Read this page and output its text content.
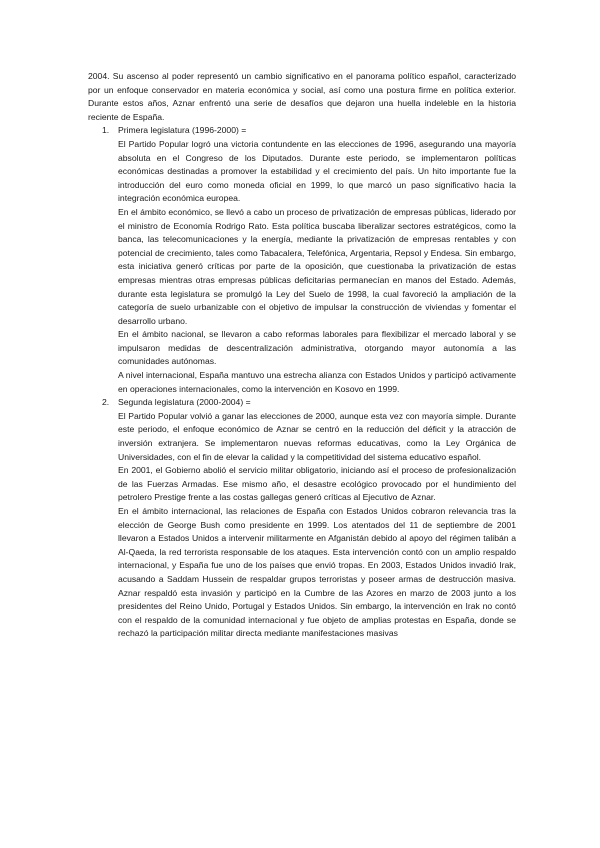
2004. Su ascenso al poder representó un cambio significativo en el panorama político español, caracterizado por un enfoque conservador en materia económica y social, así como una postura firme en política exterior. Durante estos años, Aznar enfrentó una serie de desafíos que dejaron una huella indeleble en la historia reciente de España.

1. Primera legislatura (1996-2000) =

El Partido Popular logró una victoria contundente en las elecciones de 1996, asegurando una mayoría absoluta en el Congreso de los Diputados. Durante este periodo, se implementaron políticas económicas destinadas a promover la estabilidad y el crecimiento del país. Un hito importante fue la introducción del euro como moneda oficial en 1999, lo que marcó un paso significativo hacia la integración económica europea.

En el ámbito económico, se llevó a cabo un proceso de privatización de empresas públicas, liderado por el ministro de Economía Rodrigo Rato. Esta política buscaba liberalizar sectores estratégicos, como la banca, las telecomunicaciones y la energía, mediante la privatización de empresas rentables y con potencial de crecimiento, tales como Tabacalera, Telefónica, Argentaria, Repsol y Endesa. Sin embargo, esta iniciativa generó críticas por parte de la oposición, que cuestionaba la privatización de estas empresas mientras otras empresas públicas deficitarias permanecían en manos del Estado. Además, durante esta legislatura se promulgó la Ley del Suelo de 1998, la cual favoreció la ampliación de la categoría de suelo urbanizable con el objetivo de impulsar la construcción de viviendas y fomentar el desarrollo urbano.

En el ámbito nacional, se llevaron a cabo reformas laborales para flexibilizar el mercado laboral y se impulsaron medidas de descentralización administrativa, otorgando mayor autonomía a las comunidades autónomas.

A nivel internacional, España mantuvo una estrecha alianza con Estados Unidos y participó activamente en operaciones internacionales, como la intervención en Kosovo en 1999.

2. Segunda legislatura (2000-2004) =

El Partido Popular volvió a ganar las elecciones de 2000, aunque esta vez con mayoría simple. Durante este periodo, el enfoque económico de Aznar se centró en la reducción del déficit y la atracción de inversión extranjera. Se implementaron nuevas reformas educativas, como la Ley Orgánica de Universidades, con el fin de elevar la calidad y la competitividad del sistema educativo español.

En 2001, el Gobierno abolió el servicio militar obligatorio, iniciando así el proceso de profesionalización de las Fuerzas Armadas. Ese mismo año, el desastre ecológico provocado por el hundimiento del petrolero Prestige frente a las costas gallegas generó críticas al Ejecutivo de Aznar.

En el ámbito internacional, las relaciones de España con Estados Unidos cobraron relevancia tras la elección de George Bush como presidente en 1999. Los atentados del 11 de septiembre de 2001 llevaron a Estados Unidos a intervenir militarmente en Afganistán debido al apoyo del régimen talibán a Al-Qaeda, la red terrorista responsable de los ataques. Esta intervención contó con un amplio respaldo internacional, y España fue uno de los países que envió tropas. En 2003, Estados Unidos invadió Irak, acusando a Saddam Hussein de respaldar grupos terroristas y poseer armas de destrucción masiva. Aznar respaldó esta invasión y participó en la Cumbre de las Azores en marzo de 2003 junto a los presidentes del Reino Unido, Portugal y Estados Unidos. Sin embargo, la intervención en Irak no contó con el respaldo de la comunidad internacional y fue objeto de amplias protestas en España, donde se rechazó la participación militar directa mediante manifestaciones masivas
